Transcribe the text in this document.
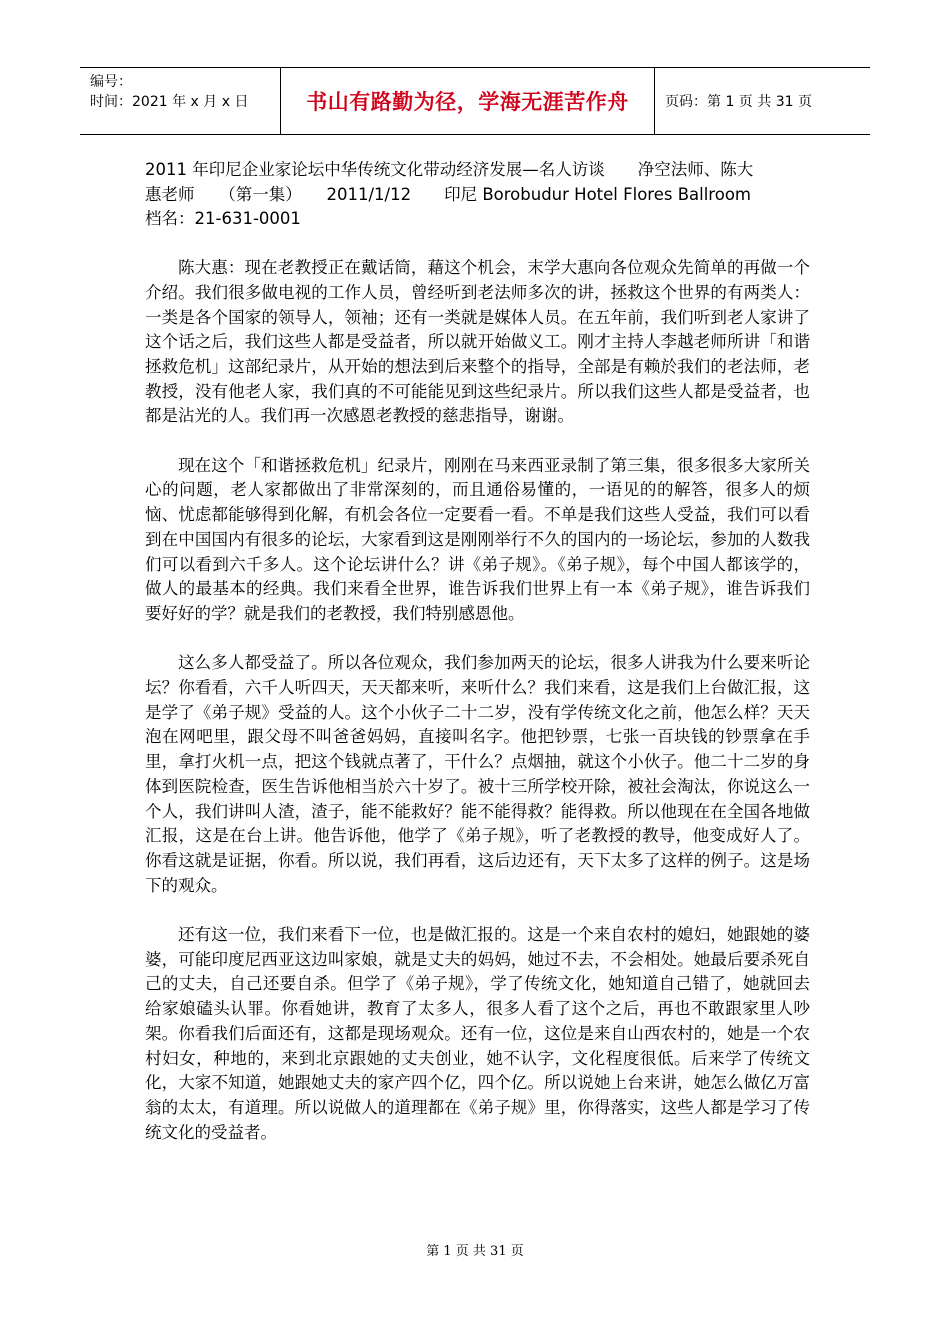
编号：
时间：2021 年 x 月 x 日	书山有路勤为径，学海无涯苦作舟	页码：第 1 页 共 31 页
2011 年印尼企业家论坛中华传统文化带动经济发展—名人访谈　　净空法师、陈大
惠老师　　（第一集）　　2011/1/12　　印尼 Borobudur Hotel Flores Ballroom
档名：21-631-0001

陈大惠：现在老教授正在戴话筒，藉这个机会，末学大惠向各位观众先简单的再做一个介绍。我们很多做电视的工作人员，曾经听到老法师多次的讲，拯救这个世界的有两类人：一类是各个国家的领导人，领袖；还有一类就是媒体人员。在五年前，我们听到老人家讲了这个话之后，我们这些人都是受益者，所以就开始做义工。刚才主持人李越老师所讲「和谐拯救危机」这部纪录片，从开始的想法到后来整个的指导，全部是有赖於我们的老法师，老教授，没有他老人家，我们真的不可能能见到这些纪录片。所以我们这些人都是受益者，也都是沾光的人。我们再一次感恩老教授的慈悲指导，谢谢。

现在这个「和谐拯救危机」纪录片，刚刚在马来西亚录制了第三集，很多很多大家所关心的问题，老人家都做出了非常深刻的，而且通俗易懂的，一语见的的解答，很多人的烦恼、忧虑都能够得到化解，有机会各位一定要看一看。不单是我们这些人受益，我们可以看到在中国国内有很多的论坛，大家看到这是刚刚举行不久的国内的一场论坛，参加的人数我们可以看到六千多人。这个论坛讲什么？讲《弟子规》。《弟子规》，每个中国人都该学的，做人的最基本的经典。我们来看全世界，谁告诉我们世界上有一本《弟子规》，谁告诉我们要好好的学？就是我们的老教授，我们特别感恩他。

这么多人都受益了。所以各位观众，我们参加两天的论坛，很多人讲我为什么要来听论坛？你看看，六千人听四天，天天都来听，来听什么？我们来看，这是我们上台做汇报，这是学了《弟子规》受益的人。这个小伙子二十二岁，没有学传统文化之前，他怎么样？天天泡在网吧里，跟父母不叫爸爸妈妈，直接叫名字。他把钞票，七张一百块钱的钞票拿在手里，拿打火机一点，把这个钱就点著了，干什么？点烟抽，就这个小伙子。他二十二岁的身体到医院检查，医生告诉他相当於六十岁了。被十三所学校开除，被社会淘汰，你说这么一个人，我们讲叫人渣，渣子，能不能救好？能不能得救？能得救。所以他现在在全国各地做汇报，这是在台上讲。他告诉他，他学了《弟子规》，听了老教授的教导，他变成好人了。你看这就是证据，你看。所以说，我们再看，这后边还有，天下太多了这样的例子。这是场下的观众。

还有这一位，我们来看下一位，也是做汇报的。这是一个来自农村的媳妇，她跟她的婆婆，可能印度尼西亚这边叫家娘，就是丈夫的妈妈，她过不去，不会相处。她最后要杀死自己的丈夫，自己还要自杀。但学了《弟子规》，学了传统文化，她知道自己错了，她就回去给家娘磕头认罪。你看她讲，教育了太多人，很多人看了这个之后，再也不敢跟家里人吵架。你看我们后面还有，这都是现场观众。还有一位，这位是来自山西农村的，她是一个农村妇女，种地的，来到北京跟她的丈夫创业，她不认字，文化程度很低。后来学了传统文化，大家不知道，她跟她丈夫的家产四个亿，四个亿。所以说她上台来讲，她怎么做亿万富翁的太太，有道理。所以说做人的道理都在《弟子规》里，你得落实，这些人都是学习了传统文化的受益者。

第 1 页 共 31 页
